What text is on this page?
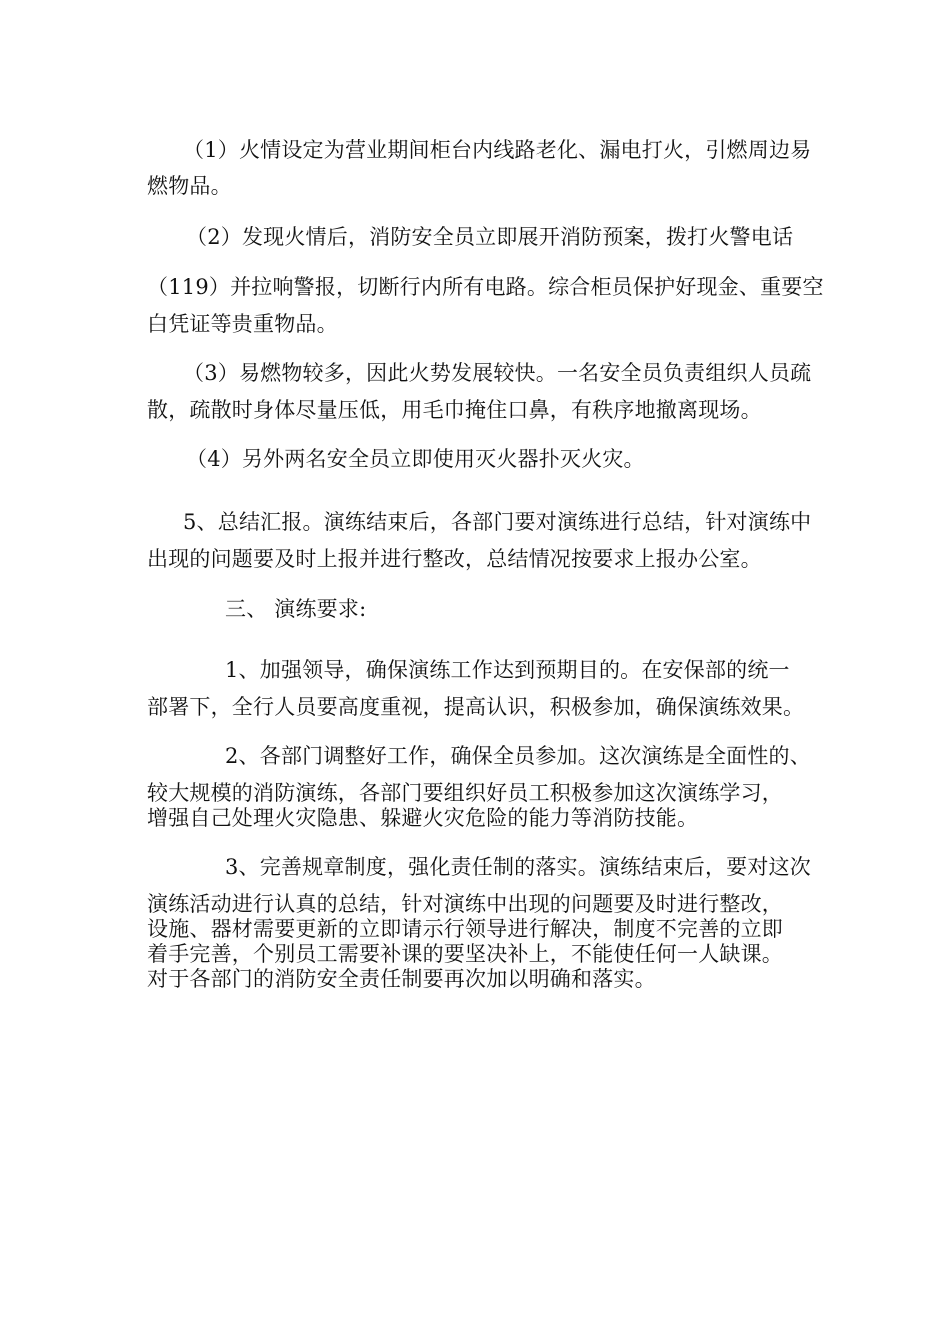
（1）火情设定为营业期间柜台内线路老化、漏电打火，引燃周边易
燃物品。
（2）发现火情后，消防安全员立即展开消防预案，拨打火警电话
（119）并拉响警报，切断行内所有电路。综合柜员保护好现金、重要空
白凭证等贵重物品。
（3）易燃物较多，因此火势发展较快。一名安全员负责组织人员疏
散，疏散时身体尽量压低，用毛巾掩住口鼻，有秩序地撤离现场。
（4）另外两名安全员立即使用灭火器扑灭火灾。
5、总结汇报。演练结束后，各部门要对演练进行总结，针对演练中
出现的问题要及时上报并进行整改，总结情况按要求上报办公室。
三、 演练要求:
1、加强领导，确保演练工作达到预期目的。在安保部的统一
部署下，全行人员要高度重视，提高认识，积极参加，确保演练效果。
2、各部门调整好工作，确保全员参加。这次演练是全面性的、
较大规模的消防演练，各部门要组织好员工积极参加这次演练学习，
增强自己处理火灾隐患、躲避火灾危险的能力等消防技能。
3、完善规章制度，强化责任制的落实。演练结束后，要对这次
演练活动进行认真的总结，针对演练中出现的问题要及时进行整改，
设施、器材需要更新的立即请示行领导进行解决，制度不完善的立即
着手完善，个别员工需要补课的要坚决补上，不能使任何一人缺课。
对于各部门的消防安全责任制要再次加以明确和落实。
